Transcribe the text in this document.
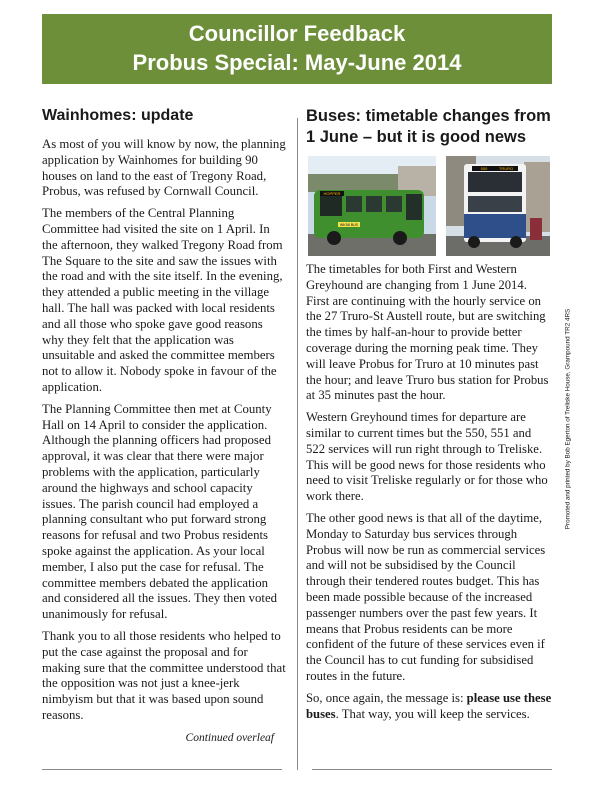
Councillor Feedback
Probus Special: May-June 2014
Wainhomes: update

As most of you will know by now, the planning application by Wainhomes for building 90 houses on land to the east of Tregony Road, Probus, was refused by Cornwall Council.

The members of the Central Planning Committee had visited the site on 1 April. In the afternoon, they walked Tregony Road from The Square to the site and saw the issues with the road and with the site itself. In the evening, they attended a public meeting in the village hall. The hall was packed with local residents and all those who spoke gave good reasons why they felt that the application was unsuitable and asked the committee members not to allow it. Nobody spoke in favour of the application.

The Planning Committee then met at County Hall on 14 April to consider the application. Although the planning officers had proposed approval, it was clear that there were major problems with the application, particularly around the highways and school capacity issues. The parish council had employed a planning consultant who put forward strong reasons for refusal and two Probus residents spoke against the application. As your local member, I also put the case for refusal. The committee members debated the application and considered all the issues. They then voted unanimously for refusal.

Thank you to all those residents who helped to put the case against the proposal and for making sure that the committee understood that the opposition was not just a knee-jerk nimbyism but that it was based upon sound reasons.

Continued overleaf
Buses: timetable changes from 1 June – but it is good news
HOPPER
WK58 BUS
550	TRURO

The timetables for both First and Western Greyhound are changing from 1 June 2014. First are continuing with the hourly service on the 27 Truro-St Austell route, but are switching the times by half-an-hour to provide better coverage during the morning peak time. They will leave Probus for Truro at 10 minutes past the hour; and leave Truro bus station for Probus at 35 minutes past the hour.

Western Greyhound times for departure are similar to current times but the 550, 551 and 522 services will run right through to Treliske. This will be good news for those residents who need to visit Treliske regularly or for those who work there.

The other good news is that all of the daytime, Monday to Saturday bus services through Probus will now be run as commercial services and will not be subsidised by the Council through their tendered routes budget. This has been made possible because of the increased passenger numbers over the past few years. It means that Probus residents can be more confident of the future of these services even if the Council has to cut funding for subsidised routes in the future.

So, once again, the message is: please use these buses. That way, you will keep the services.

Promoted and printed by Bob Egerton of Treliske House, Grampound TR2 4RS
